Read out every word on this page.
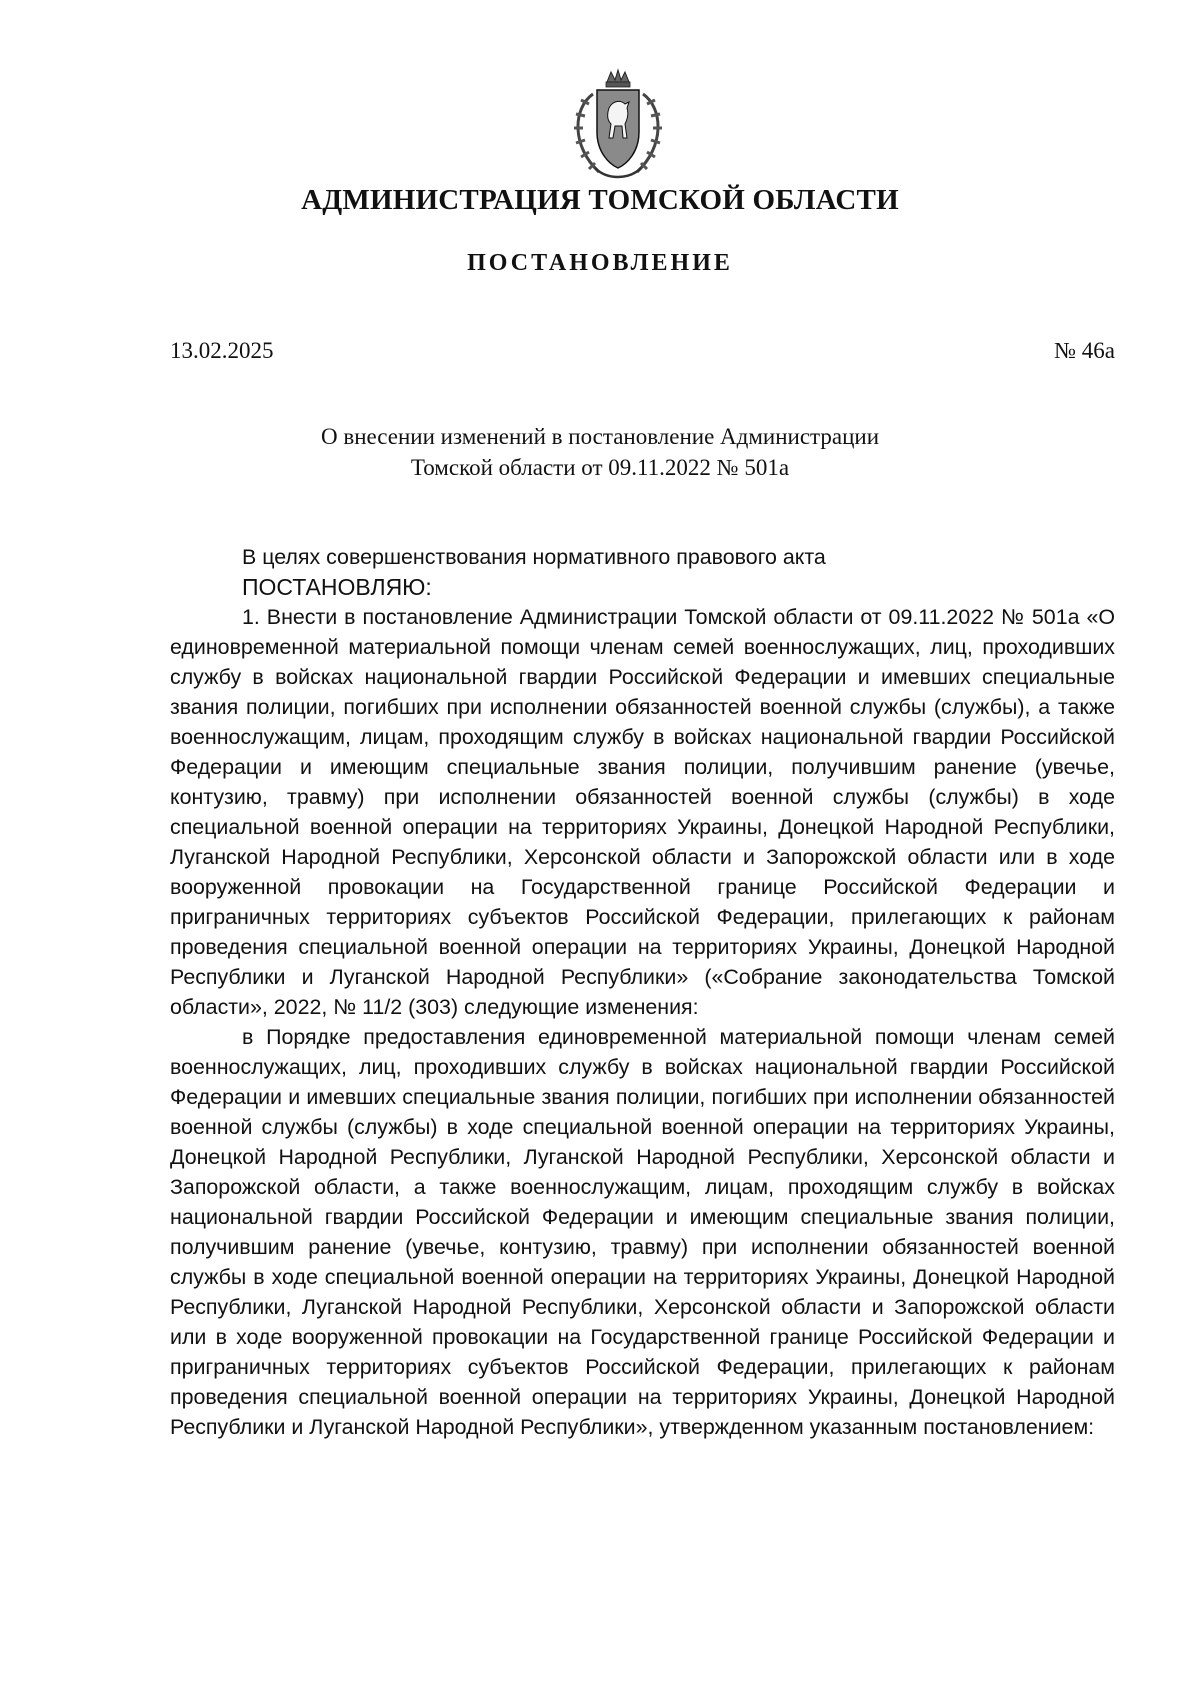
АДМИНИСТРАЦИЯ ТОМСКОЙ ОБЛАСТИ
ПОСТАНОВЛЕНИЕ
13.02.2025	№ 46а
О внесении изменений в постановление Администрации
Томской области от 09.11.2022 № 501а

В целях совершенствования нормативного правового акта

ПОСТАНОВЛЯЮ:

1. Внести в постановление Администрации Томской области от 09.11.2022 № 501а «О единовременной материальной помощи членам семей военнослужащих, лиц, проходивших службу в войсках национальной гвардии Российской Федерации и имевших специальные звания полиции, погибших при исполнении обязанностей военной службы (службы), а также военнослужащим, лицам, проходящим службу в войсках национальной гвардии Российской Федерации и имеющим специальные звания полиции, получившим ранение (увечье, контузию, травму) при исполнении обязанностей военной службы (службы) в ходе специальной военной операции на территориях Украины, Донецкой Народной Республики, Луганской Народной Республики, Херсонской области и Запорожской области или в ходе вооруженной провокации на Государственной границе Российской Федерации и приграничных территориях субъектов Российской Федерации, прилегающих к районам проведения специальной военной операции на территориях Украины, Донецкой Народной Республики и Луганской Народной Республики» («Собрание законодательства Томской области», 2022, № 11/2 (303) следующие изменения:

в Порядке предоставления единовременной материальной помощи членам семей военнослужащих, лиц, проходивших службу в войсках национальной гвардии Российской Федерации и имевших специальные звания полиции, погибших при исполнении обязанностей военной службы (службы) в ходе специальной военной операции на территориях Украины, Донецкой Народной Республики, Луганской Народной Республики, Херсонской области и Запорожской области, а также военнослужащим, лицам, проходящим службу в войсках национальной гвардии Российской Федерации и имеющим специальные звания полиции, получившим ранение (увечье, контузию, травму) при исполнении обязанностей военной службы в ходе специальной военной операции на территориях Украины, Донецкой Народной Республики, Луганской Народной Республики, Херсонской области и Запорожской области или в ходе вооруженной провокации на Государственной границе Российской Федерации и приграничных территориях субъектов Российской Федерации, прилегающих к районам проведения специальной военной операции на территориях Украины, Донецкой Народной Республики и Луганской Народной Республики», утвержденном указанным постановлением:
